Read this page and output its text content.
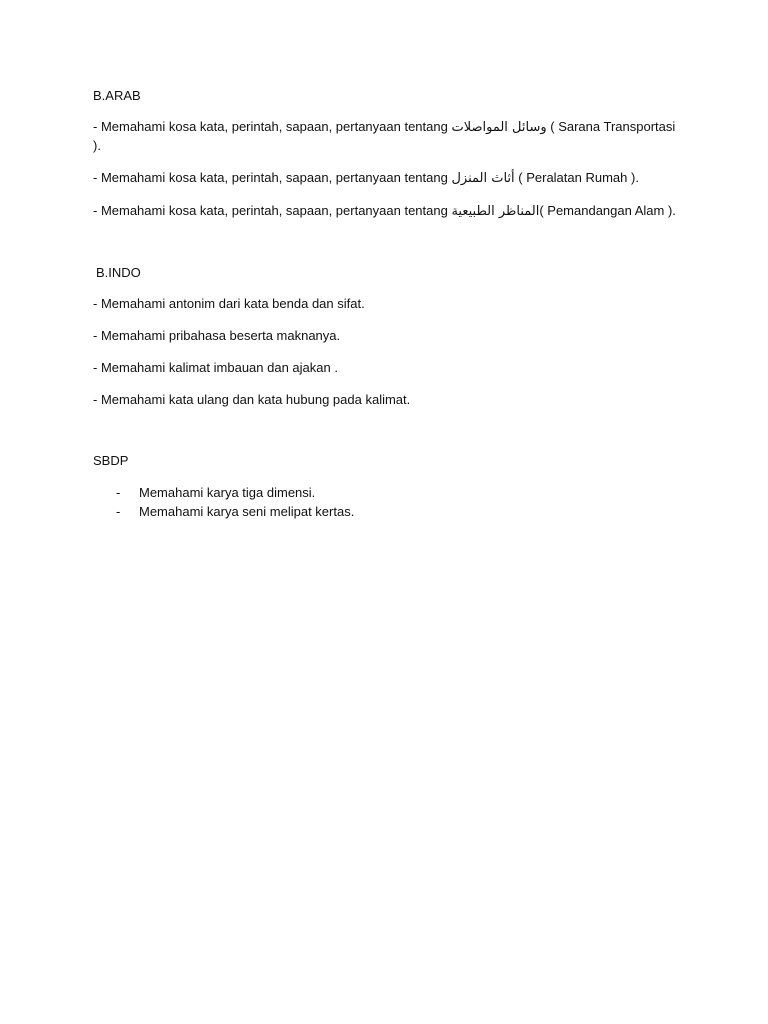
B.ARAB
- Memahami kosa kata, perintah, sapaan, pertanyaan tentang وسائل المواصلات ( Sarana Transportasi ).
- Memahami kosa kata, perintah, sapaan, pertanyaan tentang أثاث المنزل ( Peralatan Rumah ).
- Memahami kosa kata, perintah, sapaan, pertanyaan tentang المناظر الطبيعية( Pemandangan Alam ).
B.INDO
- Memahami antonim dari kata benda dan sifat.
- Memahami pribahasa beserta maknanya.
- Memahami kalimat imbauan dan ajakan .
- Memahami kata ulang dan kata hubung pada kalimat.
SBDP
- Memahami karya tiga dimensi.
- Memahami karya seni melipat kertas.
